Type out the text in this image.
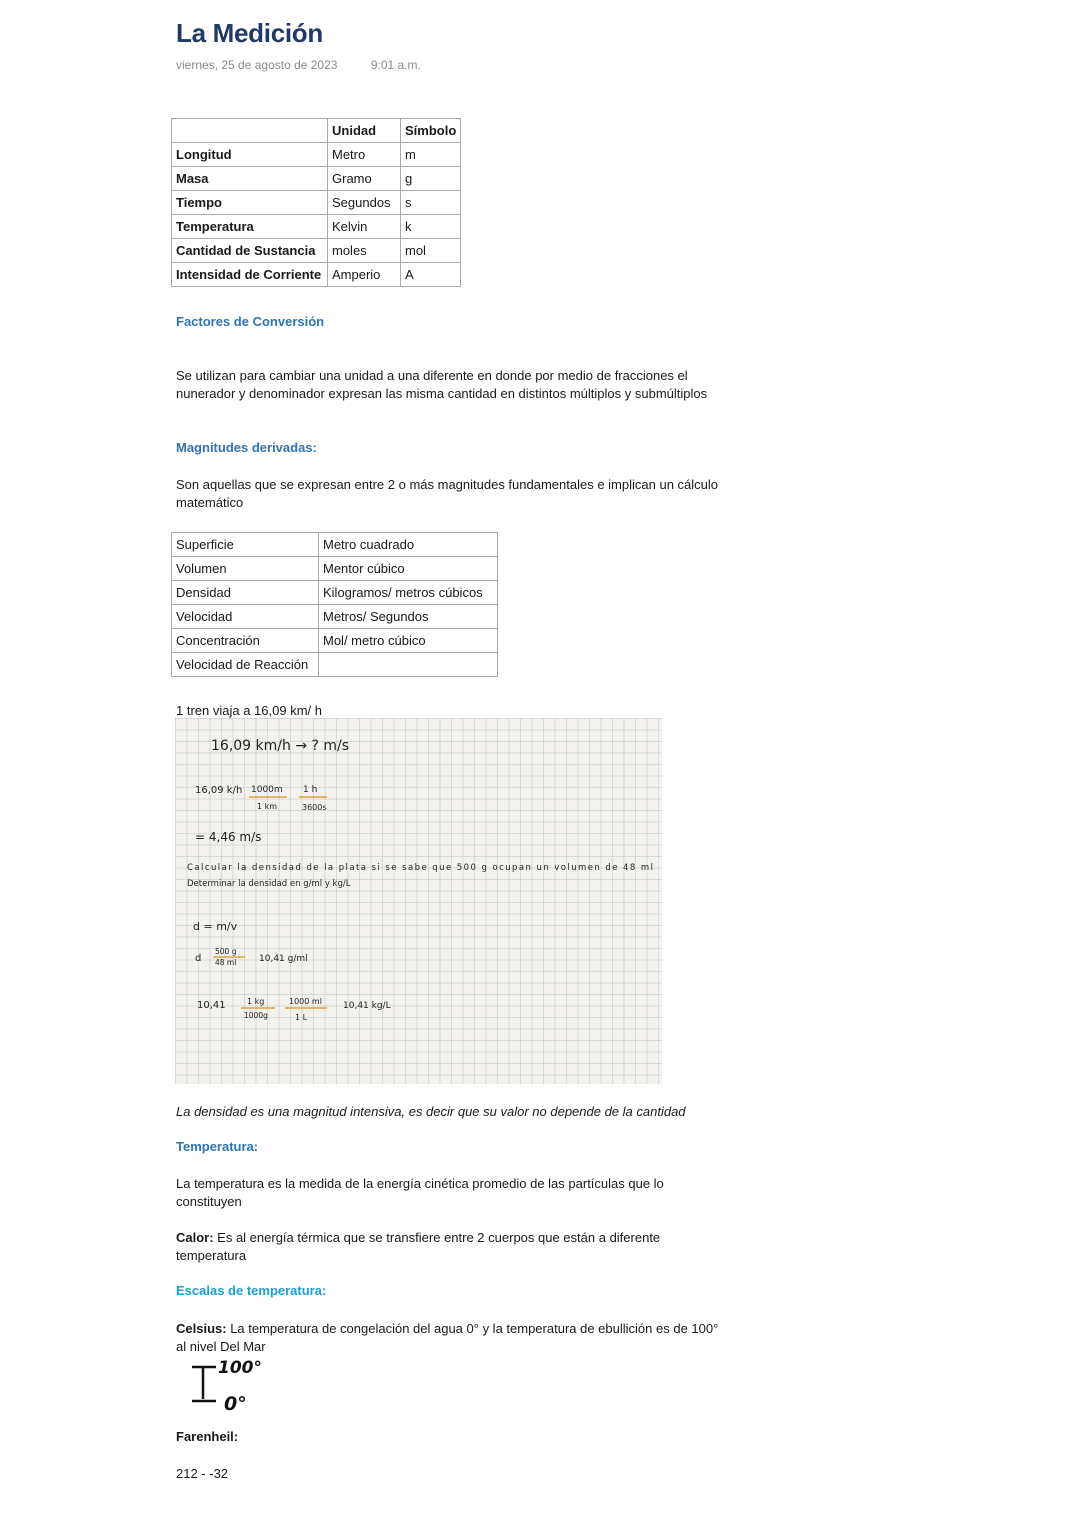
La Medición
viernes, 25 de agosto de 2023	9:01 a.m.
	Unidad	Símbolo
Longitud	Metro	m
Masa	Gramo	g
Tiempo	Segundos	s
Temperatura	Kelvin	k
Cantidad de Sustancia	moles	mol
Intensidad de Corriente	Amperio	A
Factores de Conversión
Se utilizan para cambiar una unidad a una diferente en donde por medio de fracciones el nunerador y denominador expresan las misma cantidad en distintos múltiplos y submúltiplos
Magnitudes derivadas:
Son aquellas que se expresan entre 2 o más magnitudes fundamentales e implican un cálculo matemático
Superficie	Metro cuadrado
Volumen	Mentor cúbico
Densidad	Kilogramos/ metros cúbicos
Velocidad	Metros/ Segundos
Concentración	Mol/ metro cúbico
Velocidad de Reacción	
1 tren viaja a 16,09 km/ h
16,09 km/h → ? m/s
16,09 k/h 1000m
1 km
1 h
3600s
= 4,46 m/s
Calcular la densidad de la plata si se sabe que 500 g ocupan un volumen de 48 ml
Determinar la densidad en g/ml y kg/L
d = m/v
d
500 g
48 ml	10,41 g/ml
10,41	1 kg
1000g
1000 ml
1 L
10,41 kg/L
La densidad es una magnitud intensiva, es decir que su valor no depende de la cantidad
Temperatura:
La temperatura es la medida de la energía cinética promedio de las partículas que lo constituyen
Calor: Es al energía térmica que se transfiere entre 2 cuerpos que están a diferente temperatura
Escalas de temperatura:
Celsius: La temperatura de congelación del agua 0° y la temperatura de ebullición es de 100° al nivel Del Mar
100°
0°
Farenheil:
212 - -32
